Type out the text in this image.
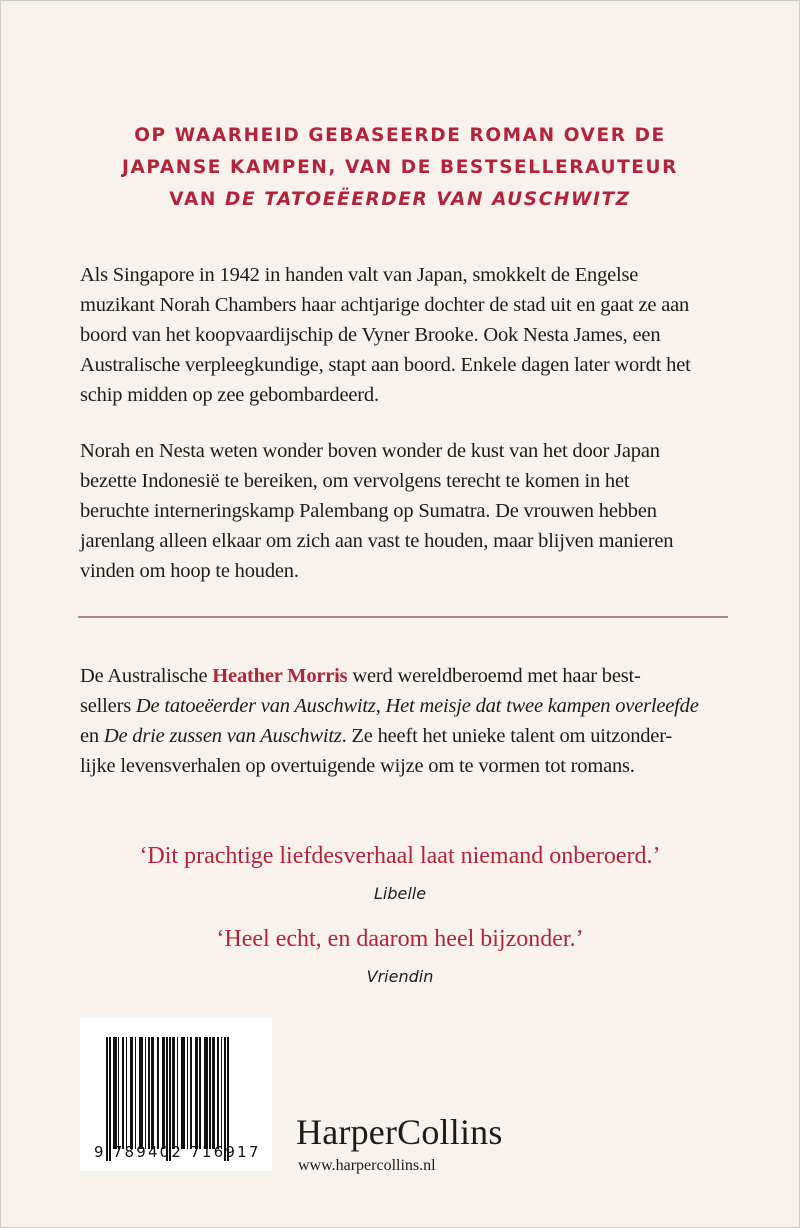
OP WAARHEID GEBASEERDE ROMAN OVER DE
JAPANSE KAMPEN, VAN DE BESTSELLERAUTEUR
VAN DE TATOEËERDER VAN AUSCHWITZ
Als Singapore in 1942 in handen valt van Japan, smokkelt de Engelse
muzikant Norah Chambers haar achtjarige dochter de stad uit en gaat ze aan
boord van het koopvaardijschip de Vyner Brooke. Ook Nesta James, een
Australische verpleegkundige, stapt aan boord. Enkele dagen later wordt het
schip midden op zee gebombardeerd.
Norah en Nesta weten wonder boven wonder de kust van het door Japan
bezette Indonesië te bereiken, om vervolgens terecht te komen in het
beruchte interneringskamp Palembang op Sumatra. De vrouwen hebben
jarenlang alleen elkaar om zich aan vast te houden, maar blijven manieren
vinden om hoop te houden.
De Australische Heather Morris werd wereldberoemd met haar best-
sellers De tatoeëerder van Auschwitz, Het meisje dat twee kampen overleefde
en De drie zussen van Auschwitz. Ze heeft het unieke talent om uitzonder-
lijke levensverhalen op overtuigende wijze om te vormen tot romans.
‘Dit prachtige liefdesverhaal laat niemand onberoerd.’
Libelle
‘Heel echt, en daarom heel bijzonder.’
Vriendin
9 789402 716917 HarperCollins
www.harpercollins.nl
